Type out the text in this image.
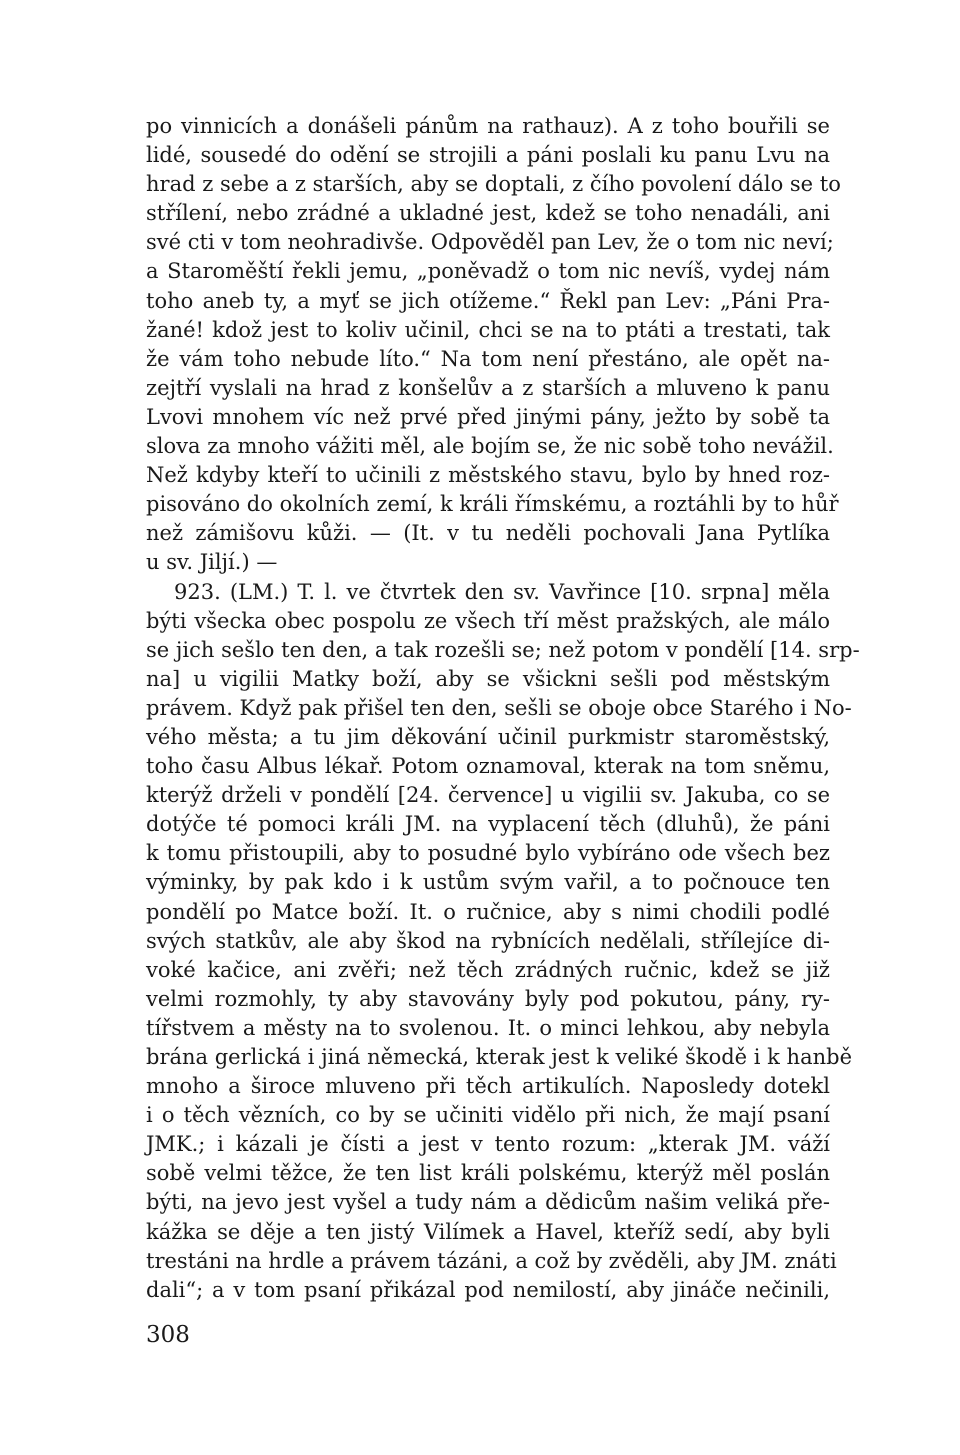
po vinnicích a donášeli pánům na rathauz). A z toho bouřili se
lidé, sousedé do odění se strojili a páni poslali ku panu Lvu na
hrad z sebe a z starších, aby se doptali, z čího povolení dálo se to
střílení, nebo zrádné a ukladné jest, kdež se toho nenadáli, ani
své cti v tom neohradivše. Odpověděl pan Lev, že o tom nic neví;
a Staroměští řekli jemu, „poněvadž o tom nic nevíš, vydej nám
toho aneb ty, a myť se jich otížeme.“ Řekl pan Lev: „Páni Pra-
žané! kdož jest to koliv učinil, chci se na to ptáti a trestati, tak
že vám toho nebude líto.“ Na tom není přestáno, ale opět na-
zejtří vyslali na hrad z konšelův a z starších a mluveno k panu
Lvovi mnohem víc než prvé před jinými pány, ježto by sobě ta
slova za mnoho vážiti měl, ale bojím se, že nic sobě toho nevážil.
Než kdyby kteří to učinili z městského stavu, bylo by hned roz-
pisováno do okolních zemí, k králi římskému, a roztáhli by to hůř
než zámišovu kůži. — (It. v tu neděli pochovali Jana Pytlíka
u sv. Jiljí.) —
923. (LM.) T. l. ve čtvrtek den sv. Vavřince [10. srpna] měla
býti všecka obec pospolu ze všech tří měst pražských, ale málo
se jich sešlo ten den, a tak rozešli se; než potom v pondělí [14. srp-
na] u vigilii Matky boží, aby se všickni sešli pod městským
právem. Když pak přišel ten den, sešli se oboje obce Starého i No-
vého města; a tu jim děkování učinil purkmistr staroměstský,
toho času Albus lékař. Potom oznamoval, kterak na tom sněmu,
kterýž drželi v pondělí [24. července] u vigilii sv. Jakuba, co se
dotýče té pomoci králi JM. na vyplacení těch (dluhů), že páni
k tomu přistoupili, aby to posudné bylo vybíráno ode všech bez
výminky, by pak kdo i k ustům svým vařil, a to počnouce ten
pondělí po Matce boží. It. o ručnice, aby s nimi chodili podlé
svých statkův, ale aby škod na rybnících nedělali, střílejíce di-
voké kačice, ani zvěři; než těch zrádných ručnic, kdež se již
velmi rozmohly, ty aby stavovány byly pod pokutou, pány, ry-
tířstvem a městy na to svolenou. It. o minci lehkou, aby nebyla
brána gerlická i jiná německá, kterak jest k veliké škodě i k hanbě
mnoho a široce mluveno při těch artikulích. Naposledy dotekl
i o těch vězních, co by se učiniti vidělo při nich, že mají psaní
JMK.; i kázali je čísti a jest v tento rozum: „kterak JM. váží
sobě velmi těžce, že ten list králi polskému, kterýž měl poslán
býti, na jevo jest vyšel a tudy nám a dědicům našim veliká pře-
kážka se děje a ten jistý Vilímek a Havel, kteříž sedí, aby byli
trestáni na hrdle a právem tázáni, a což by zvěděli, aby JM. znáti
dali“; a v tom psaní přikázal pod nemilostí, aby jináče nečinili,
308
